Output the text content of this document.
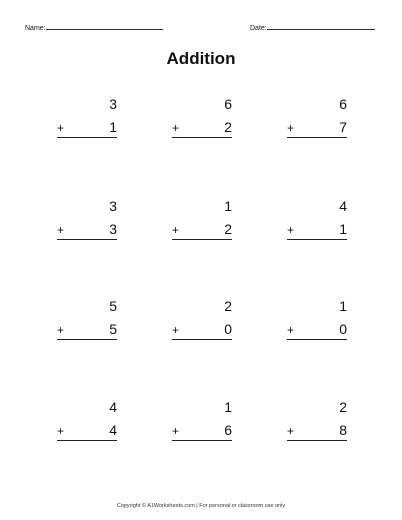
Name:	Date:
Addition
3
+	1
6
+	2
6
+	7
3
+	3
1
+	2
4
+	1
5
+	5
2
+	0
1
+	0
4
+	4
1
+	6
2
+	8
Copyright © A1Worksheets.com | For personal or classroom use only
